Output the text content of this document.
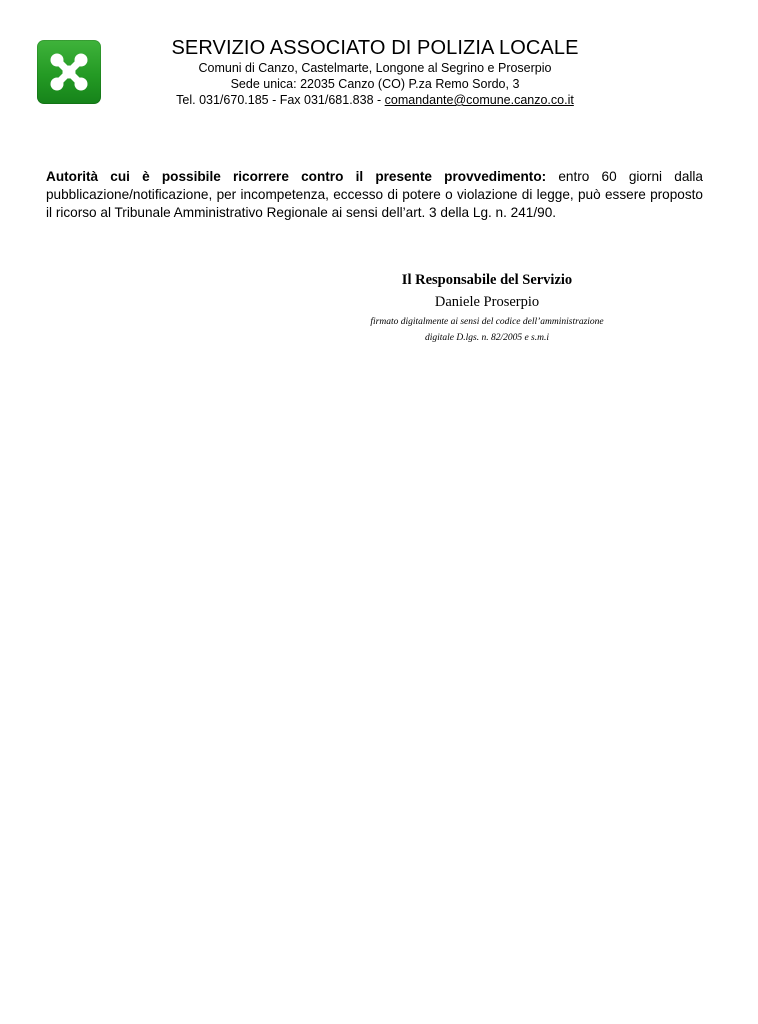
SERVIZIO ASSOCIATO DI POLIZIA LOCALE
Comuni di Canzo, Castelmarte, Longone al Segrino e Proserpio
Sede unica: 22035 Canzo (CO) P.za Remo Sordo, 3
Tel. 031/670.185 - Fax 031/681.838 - comandante@comune.canzo.co.it
Autorità cui è possibile ricorrere contro il presente provvedimento: entro 60 giorni dalla pubblicazione/notificazione, per incompetenza, eccesso di potere o violazione di legge, può essere proposto il ricorso al Tribunale Amministrativo Regionale ai sensi dell’art. 3 della Lg. n. 241/90.
Il Responsabile del Servizio
Daniele Proserpio
firmato digitalmente ai sensi del codice dell’amministrazione
digitale D.lgs. n. 82/2005 e s.m.i
